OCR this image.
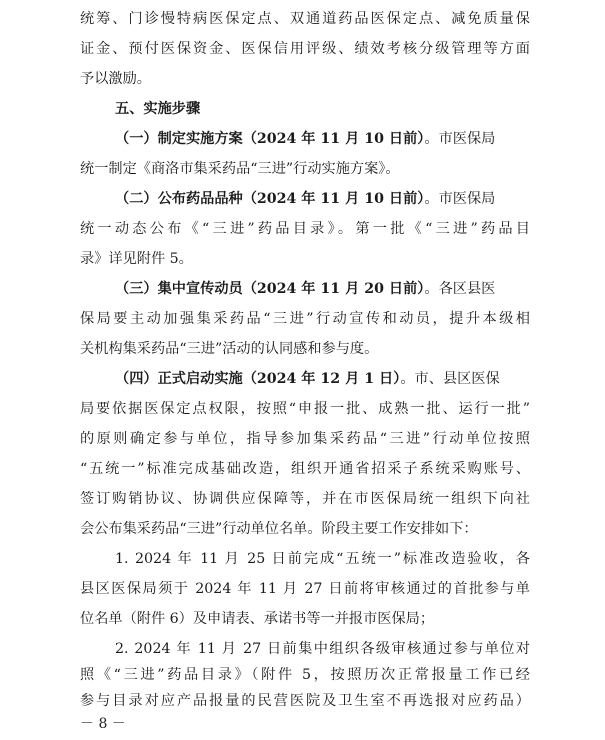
统筹、门诊慢特病医保定点、双通道药品医保定点、减免质量保
证金、预付医保资金、医保信用评级、绩效考核分级管理等方面
予以激励。
五、实施步骤
（一）制定实施方案（2024 年 11 月 10 日前）。市医保局
统一制定《商洛市集采药品“三进”行动实施方案》。
（二）公布药品品种（2024 年 11 月 10 日前）。市医保局
统一动态公布《“三进”药品目录》。第一批《“三进”药品目
录》详见附件 5。
（三）集中宣传动员（2024 年 11 月 20 日前）。各区县医
保局要主动加强集采药品“三进”行动宣传和动员，提升本级相
关机构集采药品“三进”活动的认同感和参与度。
（四）正式启动实施（2024 年 12 月 1 日）。市、县区医保
局要依据医保定点权限，按照“申报一批、成熟一批、运行一批”
的原则确定参与单位，指导参加集采药品“三进”行动单位按照
“五统一”标准完成基础改造，组织开通省招采子系统采购账号、
签订购销协议、协调供应保障等，并在市医保局统一组织下向社
会公布集采药品“三进”行动单位名单。阶段主要工作安排如下：
1. 2024 年 11 月 25 日前完成“五统一”标准改造验收，各
县区医保局须于 2024 年 11 月 27 日前将审核通过的首批参与单
位名单（附件 6）及申请表、承诺书等一并报市医保局；
2. 2024 年 11 月 27 日前集中组织各级审核通过参与单位对
照《“三进”药品目录》（附件 5，按照历次正常报量工作已经
参与目录对应产品报量的民营医院及卫生室不再选报对应药品）
－ 8 －
